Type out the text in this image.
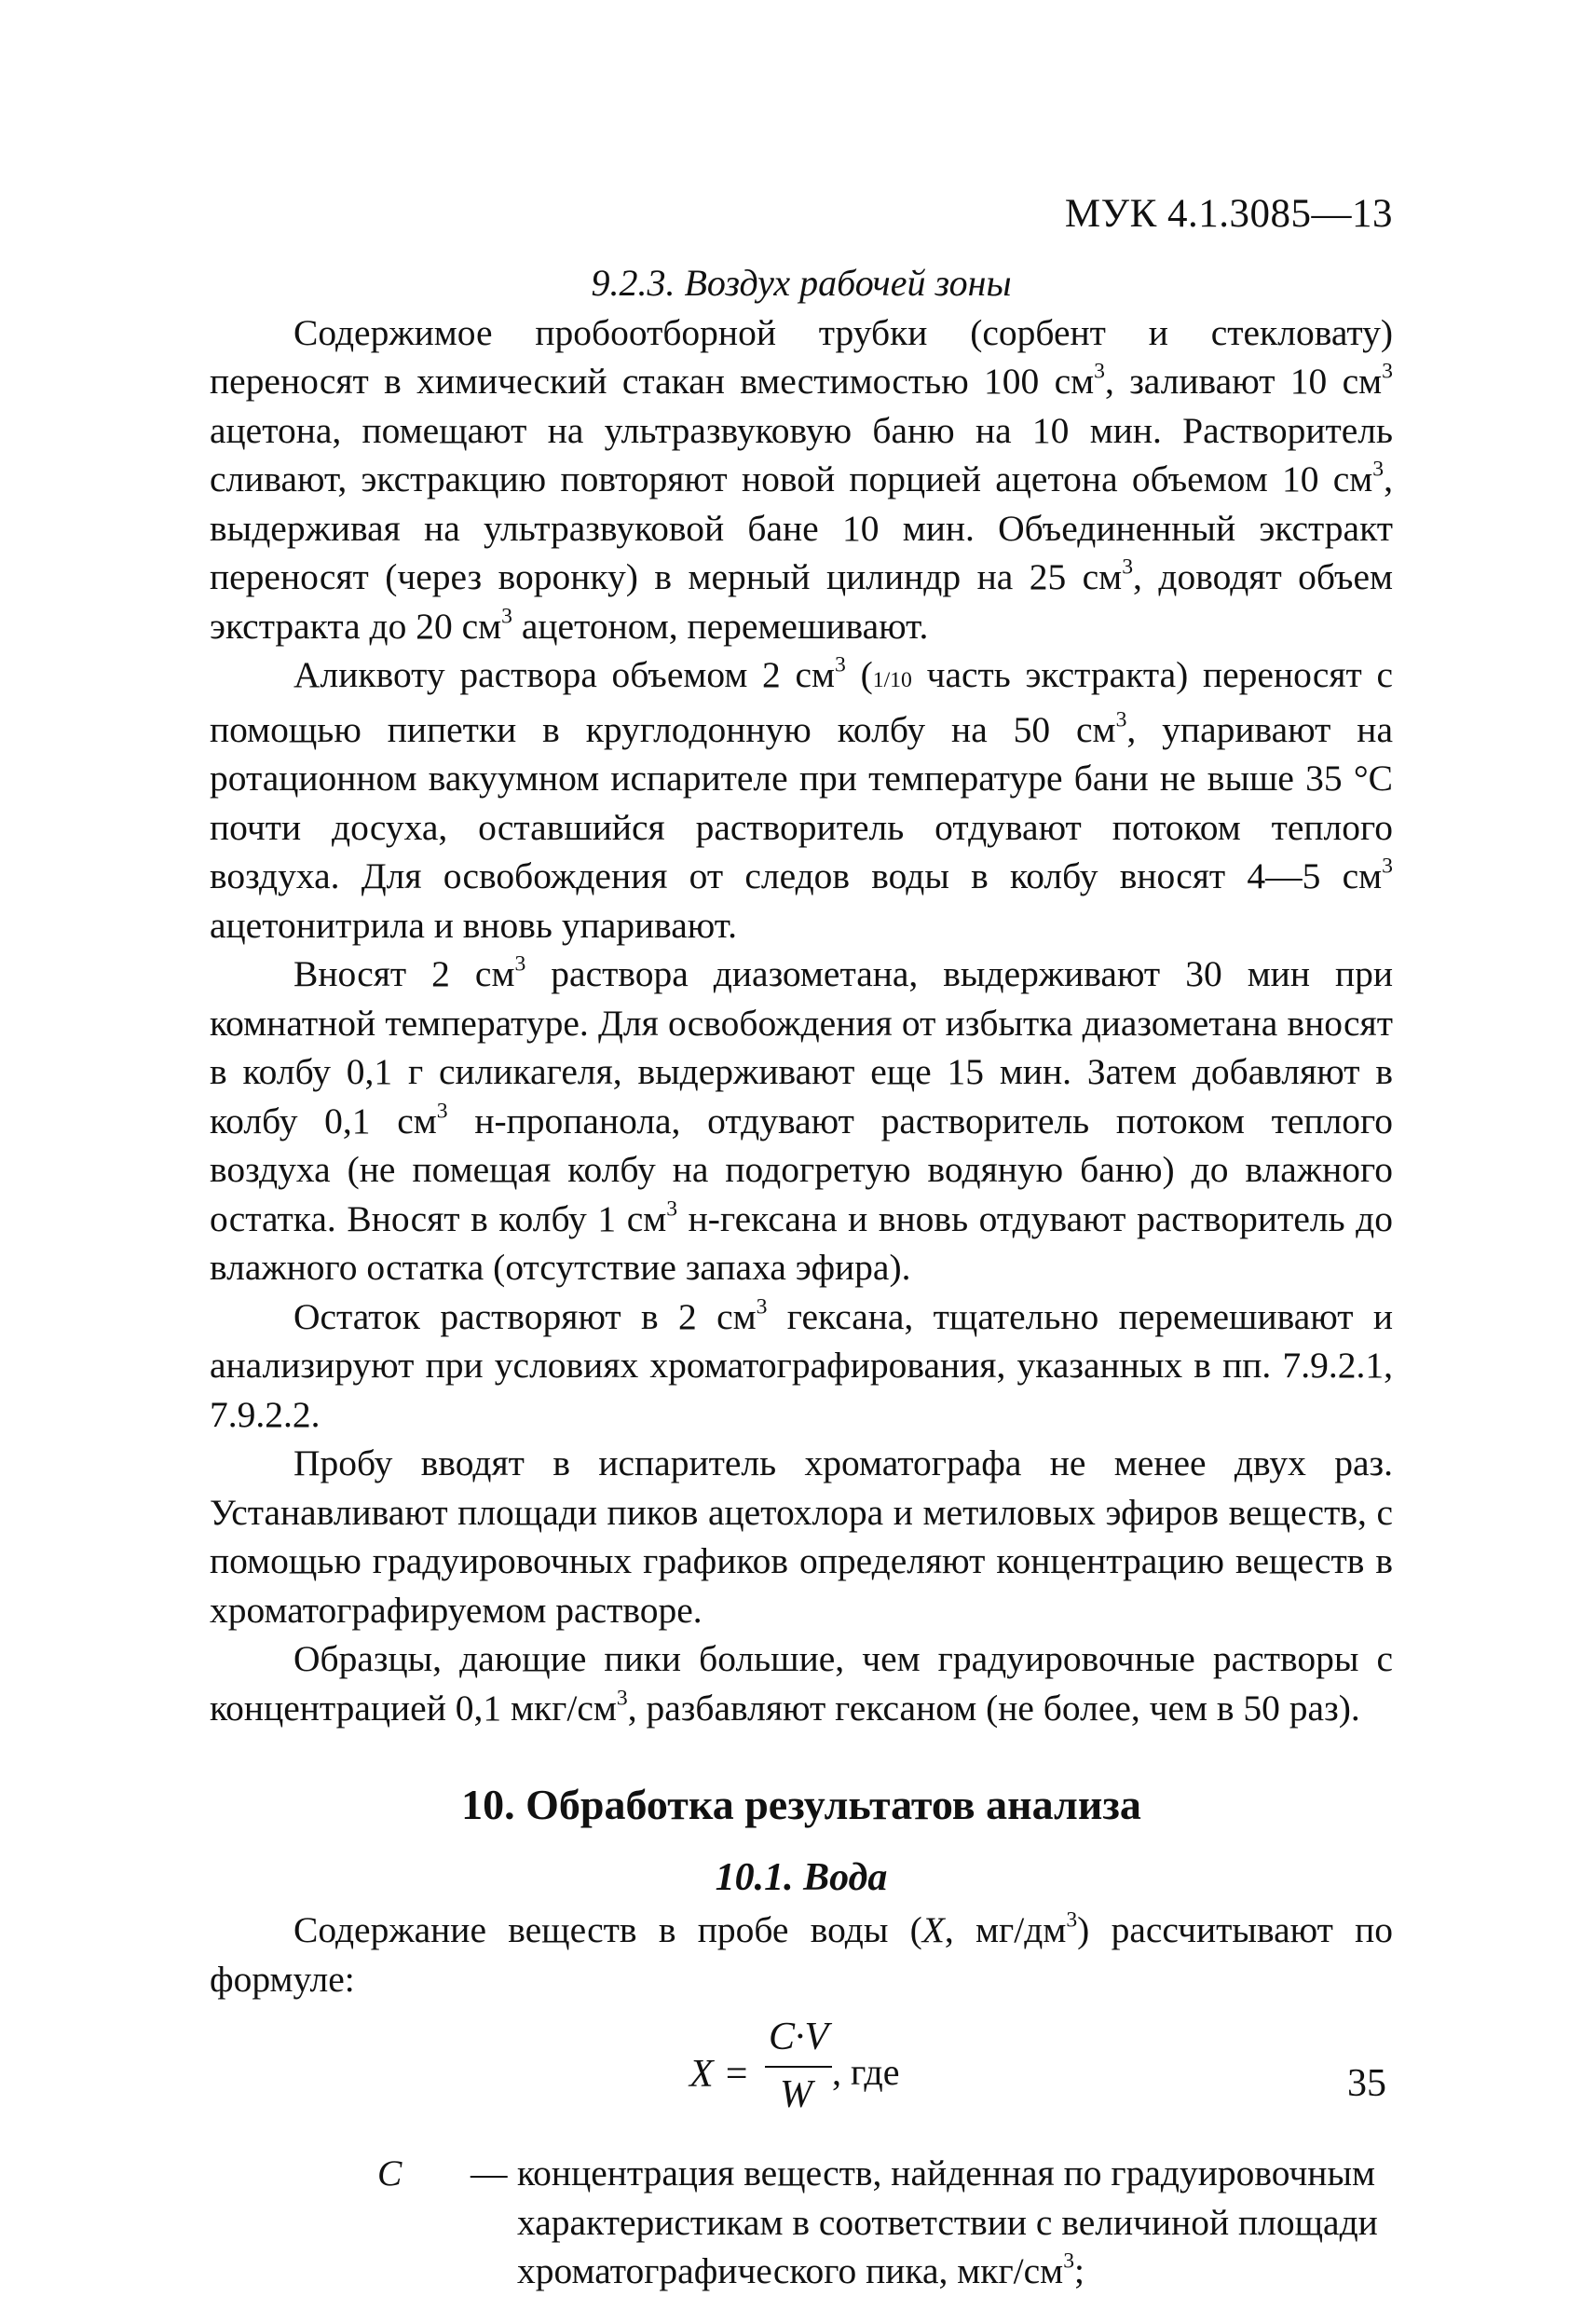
МУК 4.1.3085—13
9.2.3. Воздух рабочей зоны

Содержимое пробоотборной трубки (сорбент и стекловату) переносят в химический стакан вместимостью 100 $см^3$, заливают 10 $см^3$ ацетона, помещают на ультразвуковую баню на 10 мин. Растворитель сливают, экстракцию повторяют новой порцией ацетона объемом 10 $см^3$, выдерживая на ультразвуковой бане 10 мин. Объединенный экстракт переносят (через воронку) в мерный цилиндр на 25 $см^3$, доводят объем экстракта до 20 $см^3$ ацетоном, перемешивают.

Аликвоту раствора объемом 2 $см^3$ (1/10 часть экстракта) переносят с помощью пипетки в круглодонную колбу на 50 $см^3$, упаривают на ротационном вакуумном испарителе при температуре бани не выше 35 °С почти досуха, оставшийся растворитель отдувают потоком теплого воздуха. Для освобождения от следов воды в колбу вносят 4—5 $см^3$ ацетонитрила и вновь упаривают.

Вносят 2 $см^3$ раствора диазометана, выдерживают 30 мин при комнатной температуре. Для освобождения от избытка диазометана вносят в колбу 0,1 г силикагеля, выдерживают еще 15 мин. Затем добавляют в колбу 0,1 $см^3$ н-пропанола, отдувают растворитель потоком теплого воздуха (не помещая колбу на подогретую водяную баню) до влажного остатка. Вносят в колбу 1 $см^3$ н-гексана и вновь отдувают растворитель до влажного остатка (отсутствие запаха эфира).

Остаток растворяют в 2 $см^3$ гексана, тщательно перемешивают и анализируют при условиях хроматографирования, указанных в пп. 7.9.2.1, 7.9.2.2.

Пробу вводят в испаритель хроматографа не менее двух раз. Устанавливают площади пиков ацетохлора и метиловых эфиров веществ, с помощью градуировочных графиков определяют концентрацию веществ в хроматографируемом растворе.

Образцы, дающие пики большие, чем градуировочные растворы с концентрацией 0,1 мкг/$см^3$, разбавляют гексаном (не более, чем в 50 раз).

10. Обработка результатов анализа
10.1. Вода

Содержание веществ в пробе воды (X, $мг/дм^3$) рассчитывают по формуле:

X =
C·V
W
, где
C	— концентрация веществ, найденная по градуировочным характеристикам в соответствии с величиной площади хроматографического пика, мкг/$см^3$;
35
